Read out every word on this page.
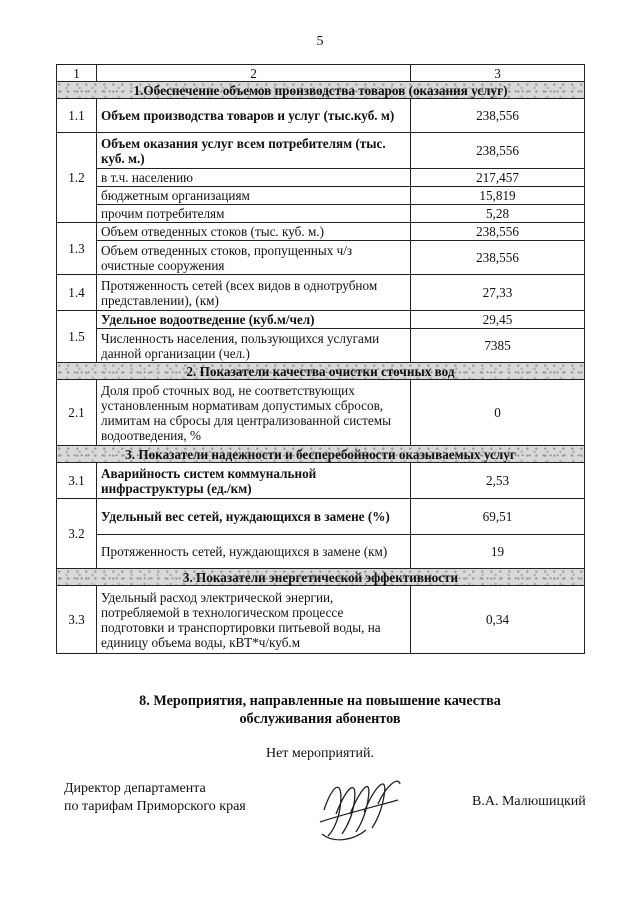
5
1	2	3
1.Обеспечение объемов производства товаров (оказания услуг)		
1.1	Объем производства товаров и услуг (тыс.куб. м)	238,556
1.2	Объем оказания услуг всем потребителям (тыс. куб. м.)	238,556
	в т.ч. населению	217,457
	бюджетным организациям	15,819
	прочим потребителям	5,28
1.3	Объем отведенных стоков (тыс. куб. м.)	238,556
	Объем отведенных стоков, пропущенных ч/з очистные сооружения	238,556
1.4	Протяженность сетей (всех видов в однотрубном представлении), (км)	27,33
1.5	Удельное водоотведение (куб.м/чел)	29,45
	Численность населения, пользующихся услугами данной организации (чел.)	7385
2. Показатели качества очистки сточных вод		
2.1	Доля проб сточных вод, не соответствующих установленным нормативам допустимых сбросов, лимитам на сбросы для централизованной системы водоотведения, %	0
3. Показатели надежности и бесперебойности оказываемых услуг		
3.1	Аварийность систем коммунальной инфраструктуры (ед./км)	2,53
3.2	Удельный вес сетей, нуждающихся в замене (%)	69,51
	Протяженность сетей, нуждающихся в замене (км)	19
3. Показатели энергетической эффективности		
3.3	Удельный расход электрической энергии, потребляемой в технологическом процессе подготовки и транспортировки питьевой воды, на единицу объема воды, кВТ*ч/куб.м	0,34
8. Мероприятия, направленные на повышение качества
обслуживания абонентов
Нет мероприятий.
Директор департамента
по тарифам Приморского края	В.А. Малюшицкий
